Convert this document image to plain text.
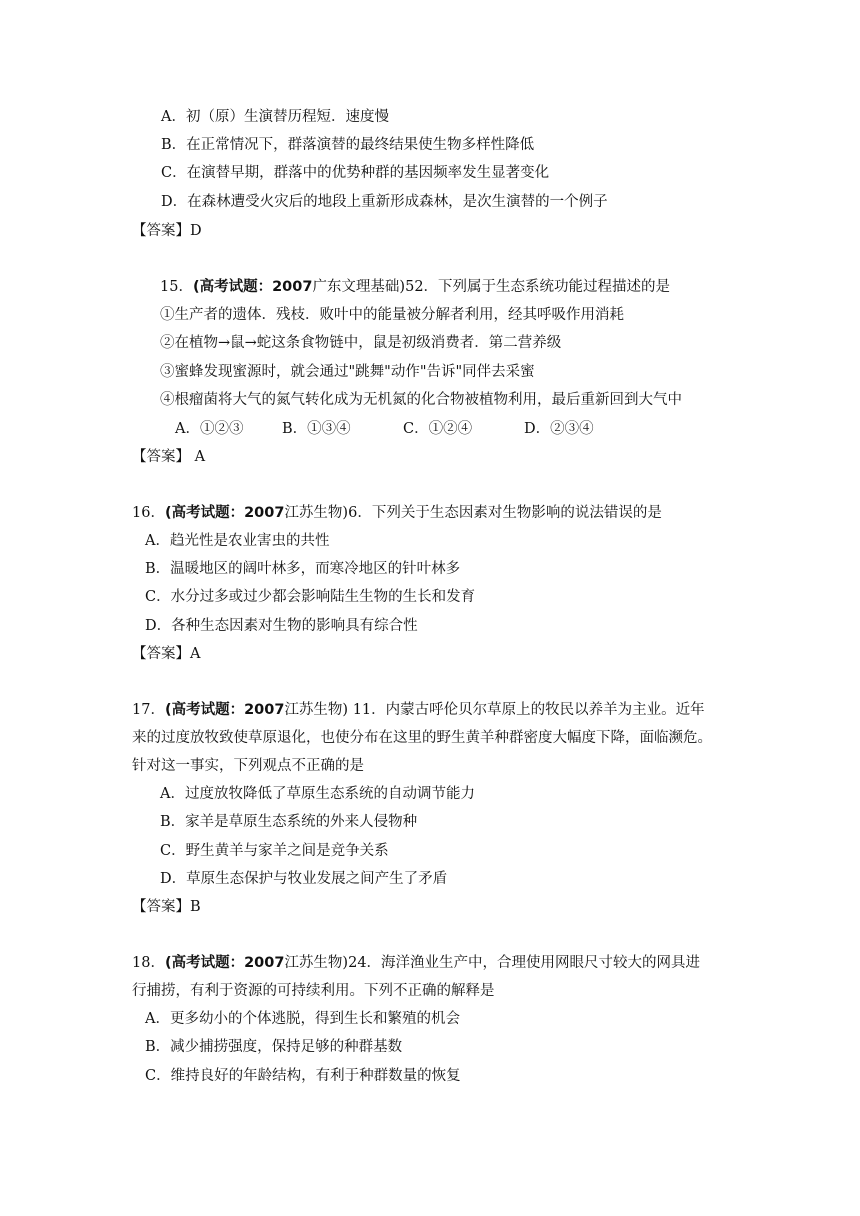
A．初（原）生演替历程短．速度慢
B．在正常情况下，群落演替的最终结果使生物多样性降低
C．在演替早期，群落中的优势种群的基因频率发生显著变化
D．在森林遭受火灾后的地段上重新形成森林，是次生演替的一个例子
【答案】D
15．(高考试题：2007广东文理基础)52．下列属于生态系统功能过程描述的是
①生产者的遗体．残枝．败叶中的能量被分解者利用，经其呼吸作用消耗
②在植物→鼠→蛇这条食物链中，鼠是初级消费者．第二营养级
③蜜蜂发现蜜源时，就会通过"跳舞"动作"告诉"同伴去采蜜
④根瘤菌将大气的氮气转化成为无机氮的化合物被植物利用，最后重新回到大气中
A．①②③	B．①③④	C．①②④	D．②③④
【答案】 A
16．(高考试题：2007江苏生物)6．下列关于生态因素对生物影响的说法错误的是
A．趋光性是农业害虫的共性
B．温暖地区的阔叶林多，而寒冷地区的针叶林多
C．水分过多或过少都会影响陆生生物的生长和发育
D．各种生态因素对生物的影响具有综合性
【答案】A
17．(高考试题：2007江苏生物) 11．内蒙古呼伦贝尔草原上的牧民以养羊为主业。近年
来的过度放牧致使草原退化，也使分布在这里的野生黄羊种群密度大幅度下降，面临濒危。
针对这一事实，下列观点不正确的是
A．过度放牧降低了草原生态系统的自动调节能力
B．家羊是草原生态系统的外来人侵物种
C．野生黄羊与家羊之间是竞争关系
D．草原生态保护与牧业发展之间产生了矛盾
【答案】B
18．(高考试题：2007江苏生物)24．海洋渔业生产中，合理使用网眼尺寸较大的网具进
行捕捞，有利于资源的可持续利用。下列不正确的解释是
A．更多幼小的个体逃脱，得到生长和繁殖的机会
B．减少捕捞强度，保持足够的种群基数
C．维持良好的年龄结构，有利于种群数量的恢复
